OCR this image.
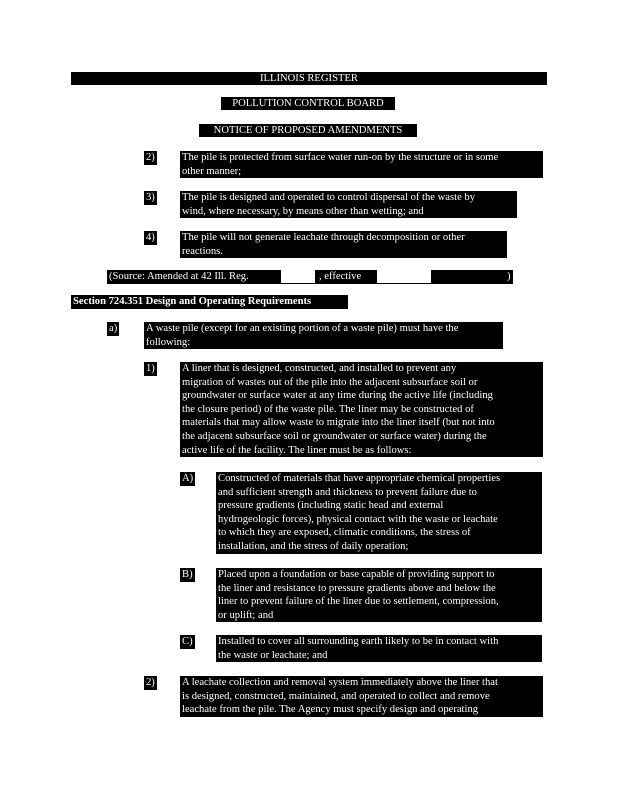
ILLINOIS REGISTER
POLLUTION CONTROL BOARD
NOTICE OF PROPOSED AMENDMENTS
2)	The pile is protected from surface water run-on by the structure or in some
other manner;
3)	The pile is designed and operated to control dispersal of the waste by
wind, where necessary, by means other than wetting; and
4)	The pile will not generate leachate through decomposition or other
reactions.
(Source: Amended at 42 Ill. Reg.	, effective	)
Section 724.351 Design and Operating Requirements
a)	A waste pile (except for an existing portion of a waste pile) must have the
following:
1)	A liner that is designed, constructed, and installed to prevent any
migration of wastes out of the pile into the adjacent subsurface soil or
groundwater or surface water at any time during the active life (including
the closure period) of the waste pile. The liner may be constructed of
materials that may allow waste to migrate into the liner itself (but not into
the adjacent subsurface soil or groundwater or surface water) during the
active life of the facility. The liner must be as follows:
A) Constructed of materials that have appropriate chemical properties
and sufficient strength and thickness to prevent failure due to
pressure gradients (including static head and external
hydrogeologic forces), physical contact with the waste or leachate
to which they are exposed, climatic conditions, the stress of
installation, and the stress of daily operation;
B) Placed upon a foundation or base capable of providing support to
the liner and resistance to pressure gradients above and below the
liner to prevent failure of the liner due to settlement, compression,
or uplift; and
C) Installed to cover all surrounding earth likely to be in contact with
the waste or leachate; and
2)	A leachate collection and removal system immediately above the liner that
is designed, constructed, maintained, and operated to collect and remove
leachate from the pile. The Agency must specify design and operating
